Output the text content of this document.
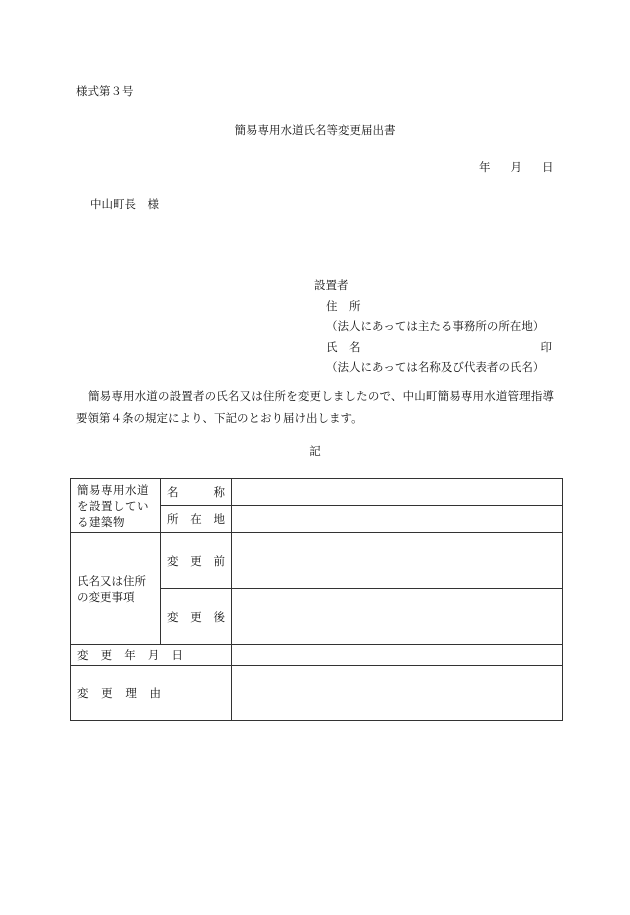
様式第３号
簡易専用水道氏名等変更届出書
年 月 日
中山町長　様
設置者
住　所
（法人にあっては主たる事務所の所在地）
氏　名	印
（法人にあっては名称及び代表者の氏名）
簡易専用水道の設置者の氏名又は住所を変更しましたので、中山町簡易専用水道管理指導要領第４条の規定により、下記のとおり届け出します。
記
簡易専用水道を設置している建築物	名 称	

	所 在 地	

氏名又は住所の変更事項	変 更 前	

	変 更 後	

変 更 年 月 日		

変 更 理 由		
